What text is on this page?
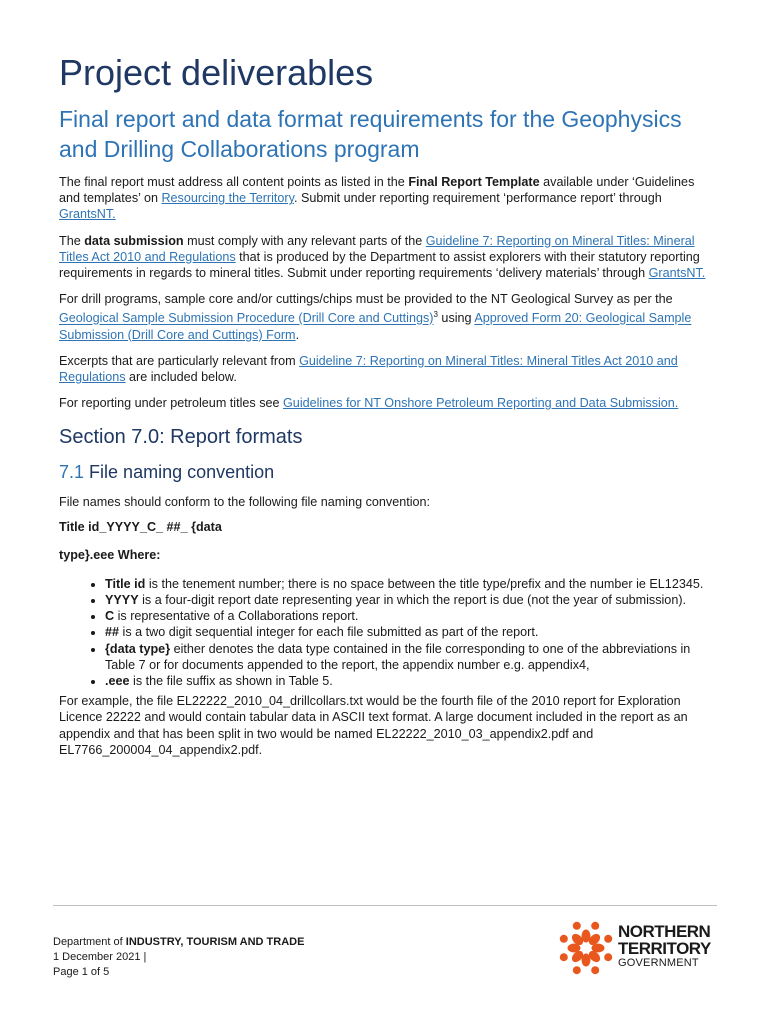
Project deliverables
Final report and data format requirements for the Geophysics and Drilling Collaborations program

The final report must address all content points as listed in the Final Report Template available under ‘Guidelines and templates’ on Resourcing the Territory. Submit under reporting requirement ‘performance report’ through GrantsNT.

The data submission must comply with any relevant parts of the Guideline 7: Reporting on Mineral Titles: Mineral Titles Act 2010 and Regulations that is produced by the Department to assist explorers with their statutory reporting requirements in regards to mineral titles. Submit under reporting requirements ‘delivery materials’ through GrantsNT.

For drill programs, sample core and/or cuttings/chips must be provided to the NT Geological Survey as per the Geological Sample Submission Procedure (Drill Core and Cuttings)$^3$ using Approved Form 20: Geological Sample Submission (Drill Core and Cuttings) Form.

Excerpts that are particularly relevant from Guideline 7: Reporting on Mineral Titles: Mineral Titles Act 2010 and Regulations are included below.

For reporting under petroleum titles see Guidelines for NT Onshore Petroleum Reporting and Data Submission.

Section 7.0: Report formats
7.1 File naming convention

File names should conform to the following file naming convention:

Title id_YYYY_C_ ##_ {data
type}.eee Where:
• Title id is the tenement number; there is no space between the title type/prefix and the number ie EL12345.
• YYYY is a four-digit report date representing year in which the report is due (not the year of submission).
• C is representative of a Collaborations report.
• ## is a two digit sequential integer for each file submitted as part of the report.
• {data type} either denotes the data type contained in the file corresponding to one of the abbreviations in Table 7 or for documents appended to the report, the appendix number e.g. appendix4,
• .eee is the file suffix as shown in Table 5.

For example, the file EL22222_2010_04_drillcollars.txt would be the fourth file of the 2010 report for Exploration Licence 22222 and would contain tabular data in ASCII text format. A large document included in the report as an appendix and that has been split in two would be named EL22222_2010_03_appendix2.pdf and EL7766_200004_04_appendix2.pdf.

Department of INDUSTRY, TOURISM AND TRADE
1 December 2021 |
Page 1 of 5
NORTHERN
TERRITORY
GOVERNMENT
